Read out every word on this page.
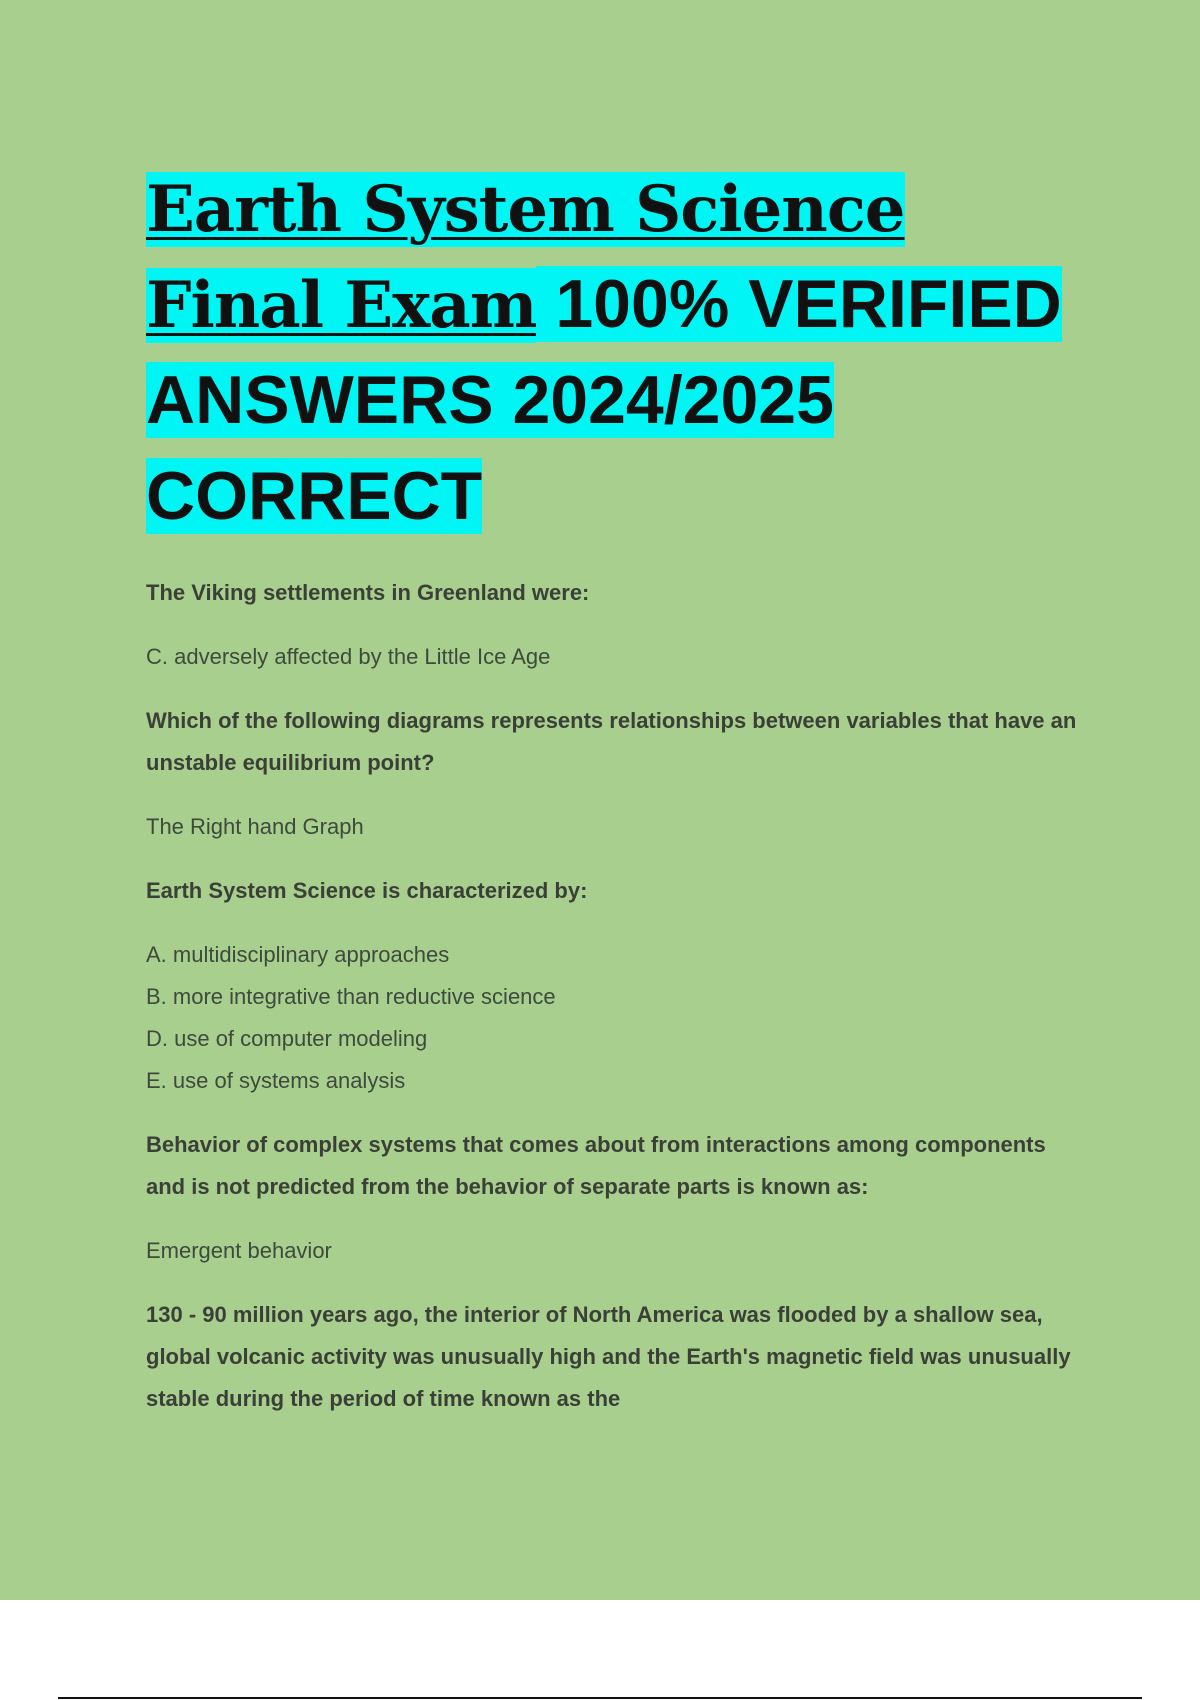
Earth System Science Final Exam 100% VERIFIED ANSWERS 2024/2025 CORRECT

The Viking settlements in Greenland were:

C. adversely affected by the Little Ice Age

Which of the following diagrams represents relationships between variables that have an unstable equilibrium point?

The Right hand Graph

Earth System Science is characterized by:

A. multidisciplinary approaches
B. more integrative than reductive science
D. use of computer modeling
E. use of systems analysis

Behavior of complex systems that comes about from interactions among components and is not predicted from the behavior of separate parts is known as:

Emergent behavior

130 - 90 million years ago, the interior of North America was flooded by a shallow sea, global volcanic activity was unusually high and the Earth's magnetic field was unusually stable during the period of time known as the
